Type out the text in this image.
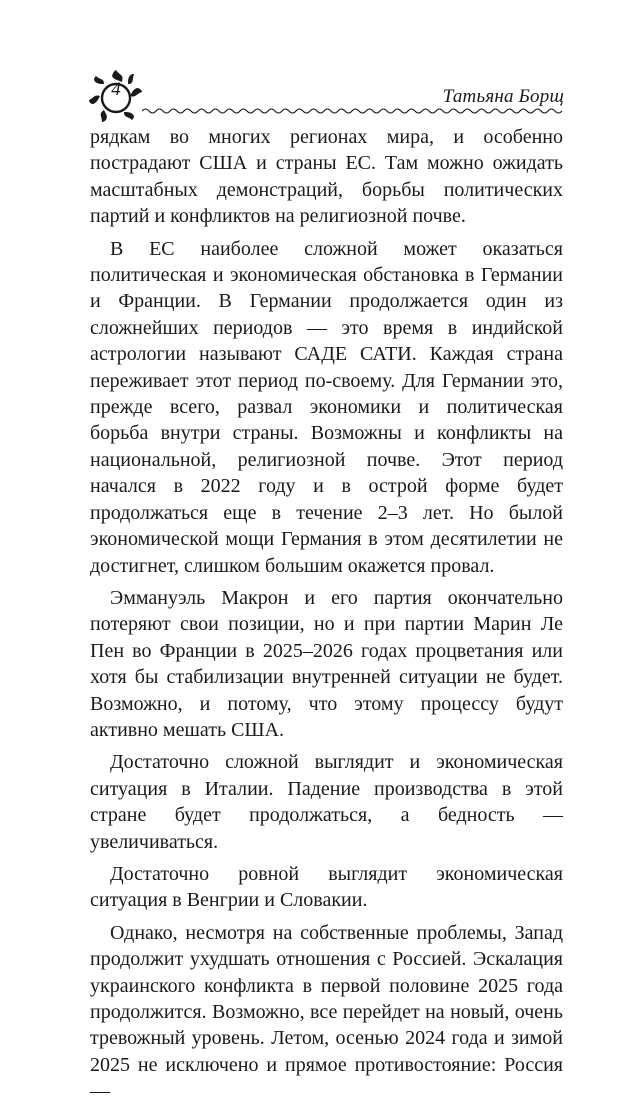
4	Татьяна Борщ

рядкам во многих регионах мира, и особенно пострадают США и страны ЕС. Там можно ожидать масштабных демонстраций, борьбы политических партий и конфликтов на религиозной почве.

В ЕС наиболее сложной может оказаться политическая и экономическая обстановка в Германии и Франции. В Германии продолжается один из сложнейших периодов — это время в индийской астрологии называют САДЕ САТИ. Каждая страна переживает этот период по-своему. Для Германии это, прежде всего, развал экономики и политическая борьба внутри страны. Возможны и конфликты на национальной, религиозной почве. Этот период начался в 2022 году и в острой форме будет продолжаться еще в течение 2–3 лет. Но былой экономической мощи Германия в этом десятилетии не достигнет, слишком большим окажется провал.

Эммануэль Макрон и его партия окончательно потеряют свои позиции, но и при партии Марин Ле Пен во Франции в 2025–2026 годах процветания или хотя бы стабилизации внутренней ситуации не будет. Возможно, и потому, что этому процессу будут активно мешать США.

Достаточно сложной выглядит и экономическая ситуация в Италии. Падение производства в этой стране будет продолжаться, а бедность — увеличиваться.

Достаточно ровной выглядит экономическая ситуация в Венгрии и Словакии.

Однако, несмотря на собственные проблемы, Запад продолжит ухудшать отношения с Россией. Эскалация украинского конфликта в первой половине 2025 года продолжится. Возможно, все перейдет на новый, очень тревожный уровень. Летом, осенью 2024 года и зимой 2025 не исключено и прямое противостояние: Россия —
